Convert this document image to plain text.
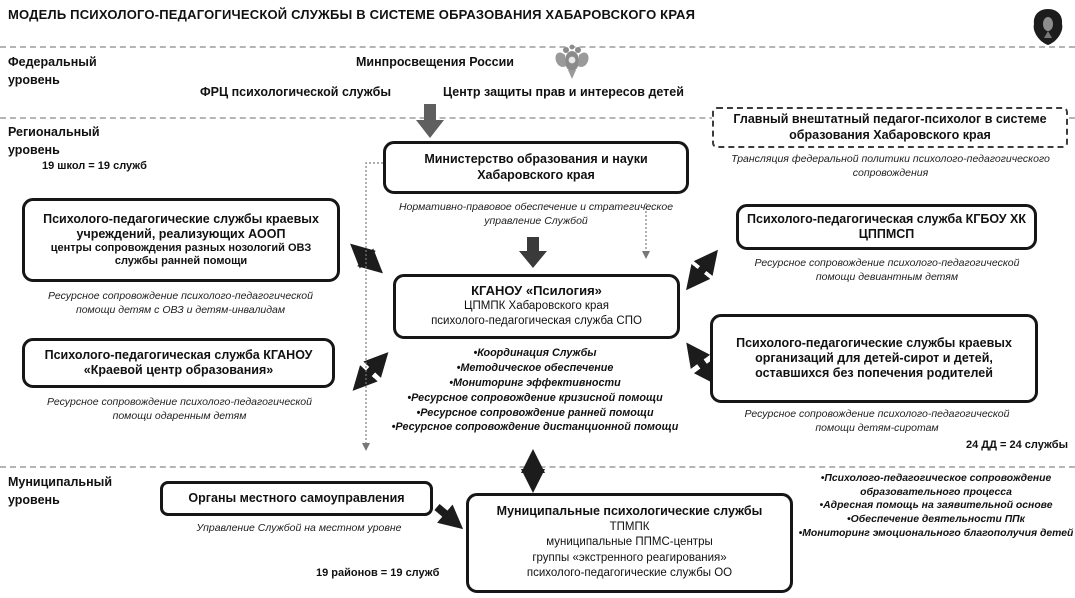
МОДЕЛЬ ПСИХОЛОГО-ПЕДАГОГИЧЕСКОЙ СЛУЖБЫ В СИСТЕМЕ ОБРАЗОВАНИЯ ХАБАРОВСКОГО КРАЯ
Федеральный уровень
Региональный уровень
Муниципальный уровень
Минпросвещения России
ФРЦ психологической службы	Центр защиты прав и интересов детей
19 школ = 19 служб
Психолого-педагогические службы краевых учреждений, реализующих АООП
центры сопровождения разных нозологий ОВЗ
службы ранней помощи
Ресурсное сопровождение психолого-педагогической помощи детям с ОВЗ и детям-инвалидам
Психолого-педагогическая служба КГАНОУ «Краевой центр образования»
Ресурсное сопровождение психолого-педагогической помощи одаренным детям
Министерство образования и науки Хабаровского края
Нормативно-правовое обеспечение и стратегическое управление Службой
КГАНОУ «Псилогия»
ЦПМПК Хабаровского края
психолого-педагогическая служба СПО
•Координация Службы
•Методическое обеспечение
•Мониторинг эффективности
•Ресурсное сопровождение кризисной помощи
•Ресурсное сопровождение ранней помощи
•Ресурсное сопровождение дистанционной помощи
Главный внештатный педагог-психолог в системе образования Хабаровского края
Трансляция федеральной политики психолого-педагогического сопровождения
Психолого-педагогическая служба КГБОУ ХК ЦППМСП
Ресурсное сопровождение психолого-педагогической помощи девиантным детям
Психолого-педагогические службы краевых организаций для детей-сирот и детей, оставшихся без попечения родителей
Ресурсное сопровождение психолого-педагогической помощи детям-сиротам
24 ДД = 24 службы
Органы местного самоуправления
Управление Службой на местном уровне
19 районов = 19 служб
Муниципальные психологические службы
ТПМПК
муниципальные ППМС-центры
группы «экстренного реагирования»
психолого-педагогические службы ОО
•Психолого-педагогическое сопровождение образовательного процесса
•Адресная помощь на заявительной основе
•Обеспечение деятельности ППк
•Мониторинг эмоционального благополучия детей
